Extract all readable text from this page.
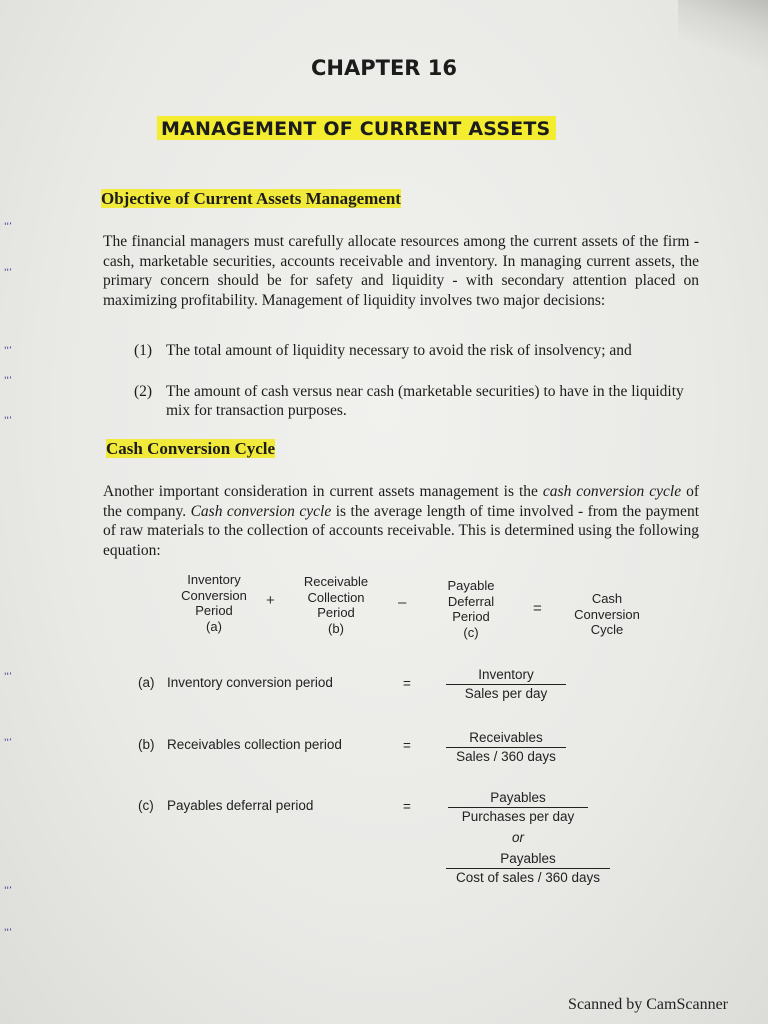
ꞌꞌʼ
ꞌꞌʼ
ꞌꞌʼ
ꞌꞌʼ
ꞌꞌʼ
ꞌꞌʼ
ꞌꞌʼ
ꞌꞌʼ
ꞌꞌʼ
CHAPTER 16
MANAGEMENT OF CURRENT ASSETS
Objective of Current Assets Management
The financial managers must carefully allocate resources among the current assets of the firm - cash, marketable securities, accounts receivable and inventory. In managing current assets, the primary concern should be for safety and liquidity - with secondary attention placed on maximizing profitability. Management of liquidity involves two major decisions:
(1) The total amount of liquidity necessary to avoid the risk of insolvency; and
(2) The amount of cash versus near cash (marketable securities) to have in the liquidity mix for transaction purposes.
Cash Conversion Cycle
Another important consideration in current assets management is the cash conversion cycle of the company. Cash conversion cycle is the average length of time involved - from the payment of raw materials to the collection of accounts receivable. This is determined using the following equation:
Inventory
Conversion
Period
(a)
+
Receivable
Collection
Period
(b)
–
Payable
Deferral
Period
(c)
=
Cash
Conversion
Cycle
(a) Inventory conversion period	=
Inventory
Sales per day
(b) Receivables collection period	=
Receivables
Sales / 360 days
(c) Payables deferral period	=
Payables
Purchases per day
or
Payables
Cost of sales / 360 days
Scanned by CamScanner
